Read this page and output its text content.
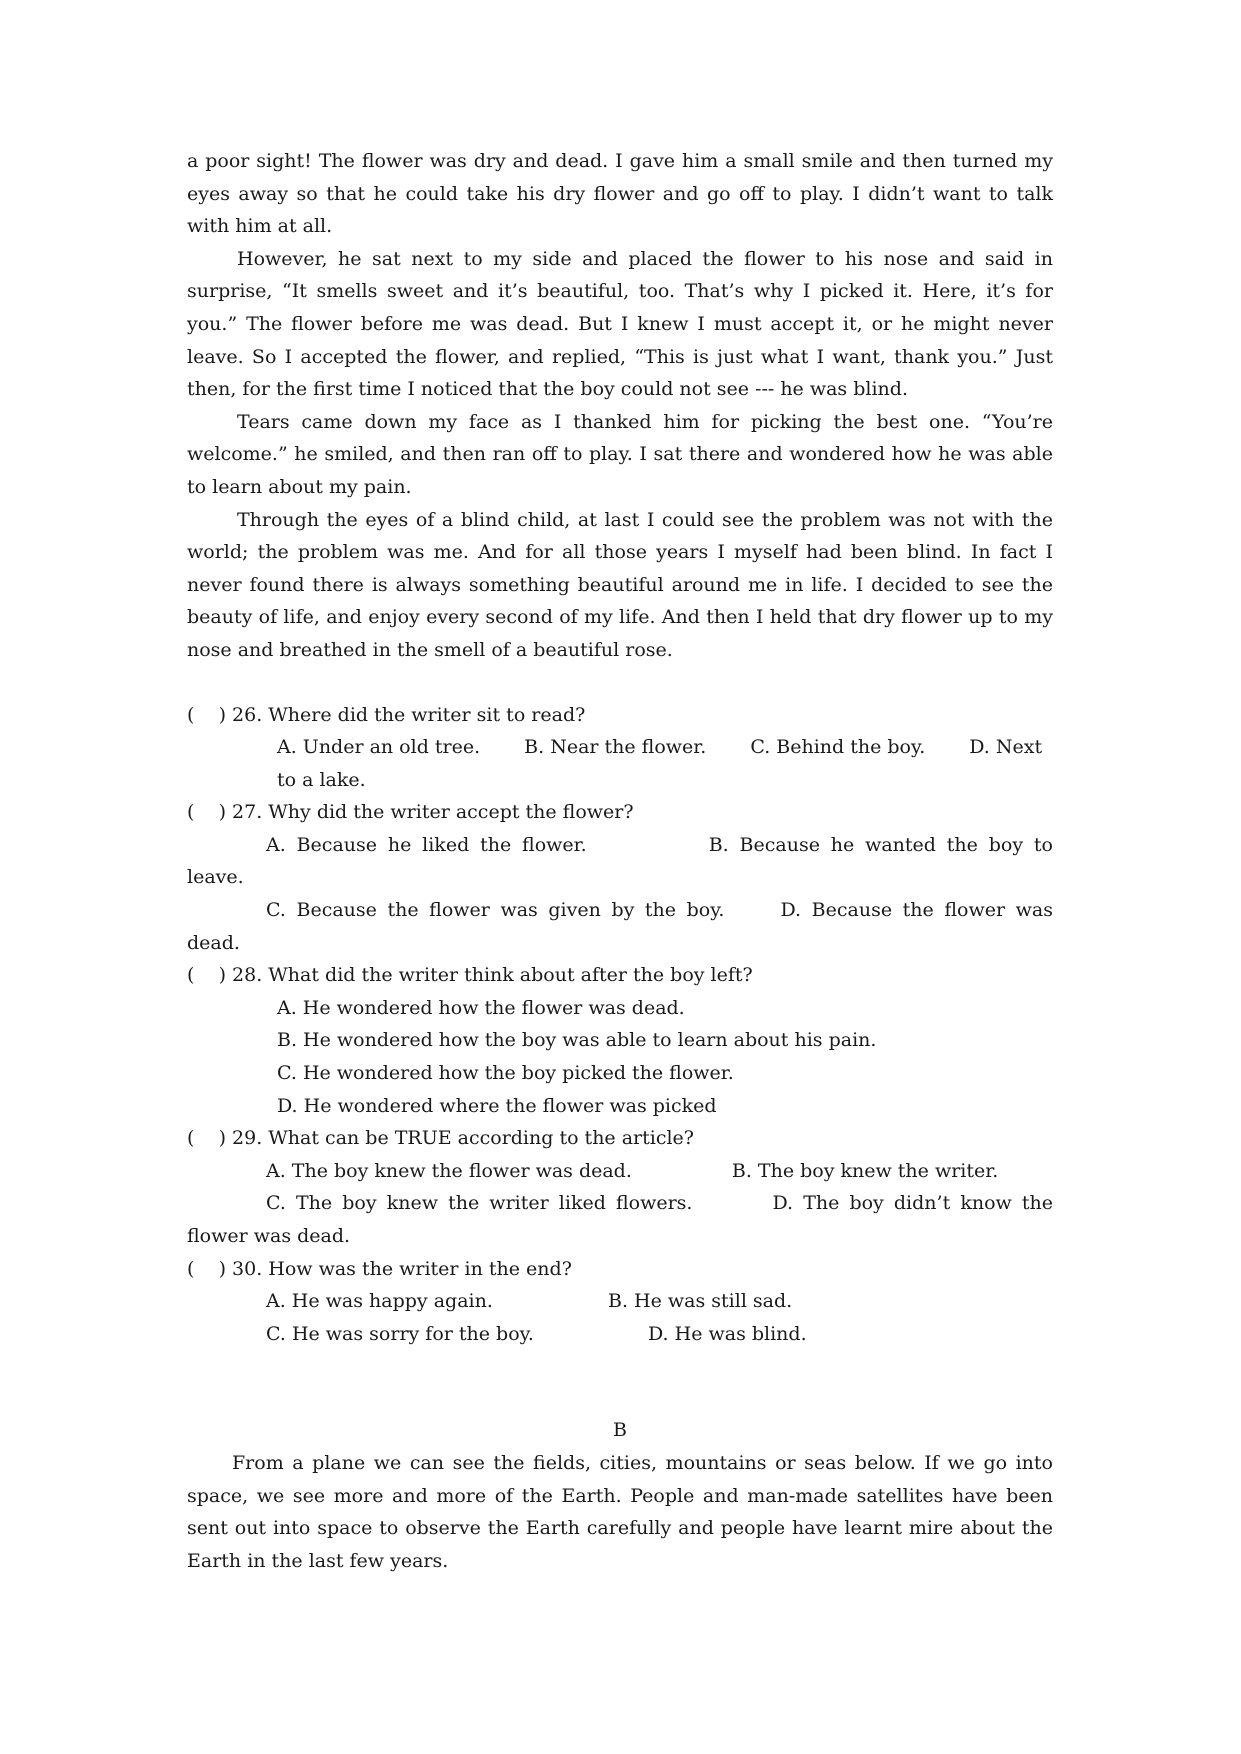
a poor sight! The flower was dry and dead. I gave him a small smile and then turned my eyes away so that he could take his dry flower and go off to play. I didn’t want to talk with him at all.

However, he sat next to my side and placed the flower to his nose and said in surprise, “It smells sweet and it’s beautiful, too. That’s why I picked it. Here, it’s for you.” The flower before me was dead. But I knew I must accept it, or he might never leave. So I accepted the flower, and replied, “This is just what I want, thank you.” Just then, for the first time I noticed that the boy could not see --- he was blind.

Tears came down my face as I thanked him for picking the best one. “You’re welcome.” he smiled, and then ran off to play. I sat there and wondered how he was able to learn about my pain.

Through the eyes of a blind child, at last I could see the problem was not with the world; the problem was me. And for all those years I myself had been blind. In fact I never found there is always something beautiful around me in life. I decided to see the beauty of life, and enjoy every second of my life. And then I held that dry flower up to my nose and breathed in the smell of a beautiful rose.

(    ) 26. Where did the writer sit to read?
A. Under an old tree. B. Near the flower. C. Behind the boy. D. Next to a lake.
(    ) 27. Why did the writer accept the flower?

A. Because he liked the flower.	B. Because he wanted the boy to leave.

C. Because the flower was given by the boy.	D. Because the flower was dead.

(    ) 28. What did the writer think about after the boy left?
A. He wondered how the flower was dead.
B. He wondered how the boy was able to learn about his pain.
C. He wondered how the boy picked the flower.
D. He wondered where the flower was picked
(    ) 29. What can be TRUE according to the article?
A. The boy knew the flower was dead.	B. The boy knew the writer.

C. The boy knew the writer liked flowers.	D. The boy didn’t know the flower was dead.

(    ) 30. How was the writer in the end?
A. He was happy again.	B. He was still sad.
C. He was sorry for the boy.	D. He was blind.
B

From a plane we can see the fields, cities, mountains or seas below. If we go into space, we see more and more of the Earth. People and man-made satellites have been sent out into space to observe the Earth carefully and people have learnt mire about the Earth in the last few years.
